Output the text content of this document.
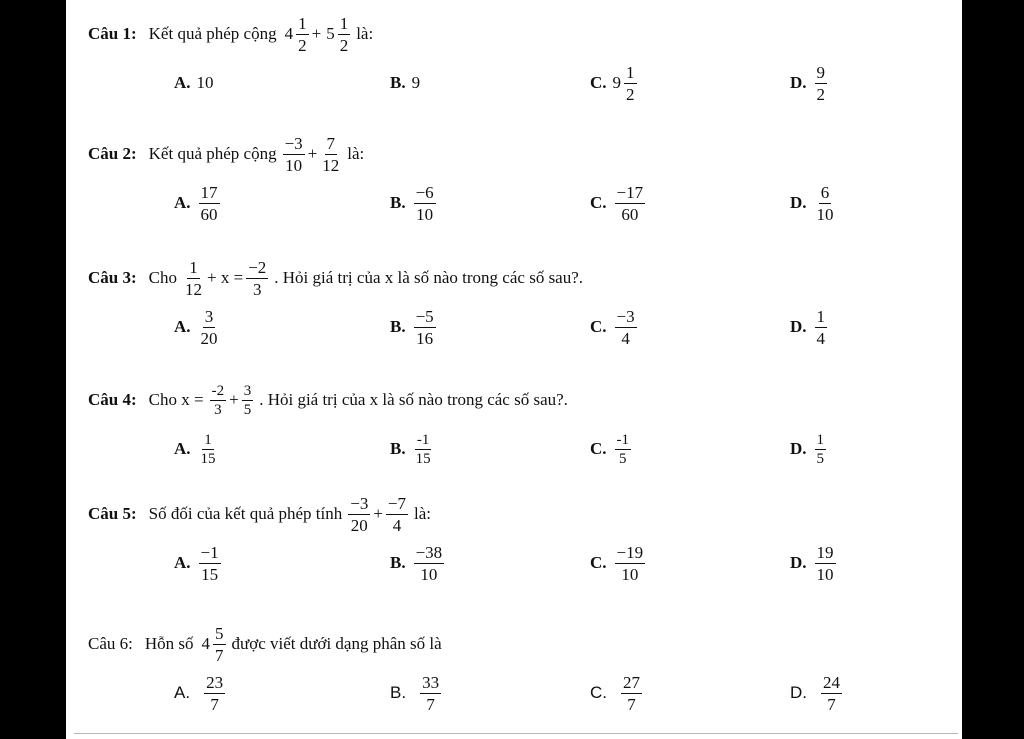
Câu 1: Kết quả phép cộng $4 \frac{1}{2} + 5 \frac{1}{2}$ là:
A. 10	B. 9	C. $9 \frac{1}{2}$	D. $\frac{9}{2}$
Câu 2: Kết quả phép cộng $\frac{-3}{10} + \frac{7}{12}$ là:
A. $\frac{17}{60}$	B. $\frac{-6}{10}$	C. $\frac{-17}{60}$	D. $\frac{6}{10}$
Câu 3: Cho $\frac{1}{12} + x = \frac{-2}{3}$ . Hỏi giá trị của x là số nào trong các số sau?.
A. $\frac{3}{20}$	B. $\frac{-5}{16}$	C. $\frac{-3}{4}$	D. $\frac{1}{4}$
Câu 4: Cho $x = \frac{-2}{3} + \frac{3}{5}$ . Hỏi giá trị của x là số nào trong các số sau?.
A. $\frac{1}{15}$	B. $\frac{-1}{15}$	C. $\frac{-1}{5}$	D. $\frac{1}{5}$
Câu 5: Số đối của kết quả phép tính $\frac{-3}{20} + \frac{-7}{4}$ là:
A. $\frac{-1}{15}$	B. $\frac{-38}{10}$	C. $\frac{-19}{10}$	D. $\frac{19}{10}$
Câu 6: Hỗn số $4 \frac{5}{7}$ được viết dưới dạng phân số là
A. $\frac{23}{7}$	B. $\frac{33}{7}$	C. $\frac{27}{7}$	D. $\frac{24}{7}$
